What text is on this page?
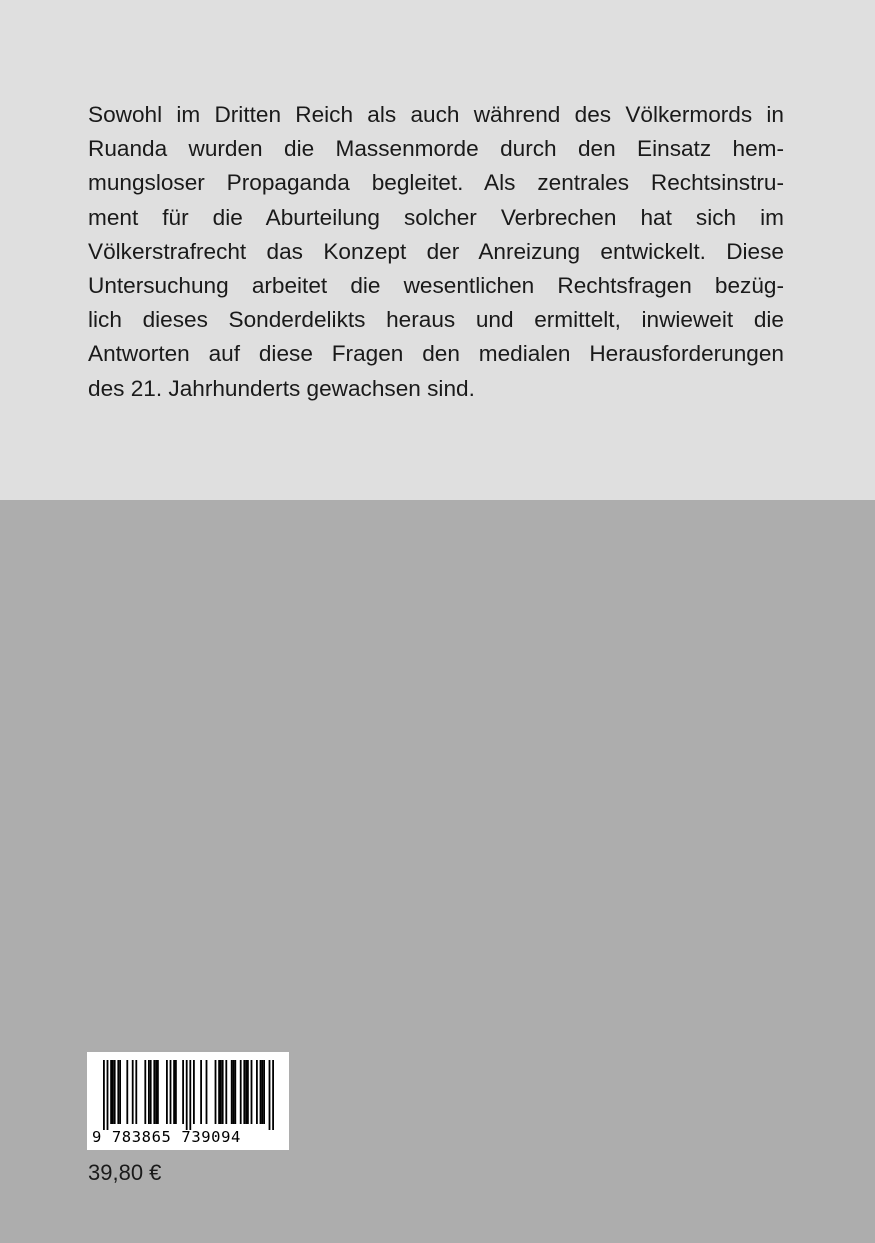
Sowohl im Dritten Reich als auch während des Völkermords in
Ruanda wurden die Massenmorde durch den Einsatz hem-
mungsloser Propaganda begleitet. Als zentrales Rechtsinstru-
ment für die Aburteilung solcher Verbrechen hat sich im
Völkerstrafrecht das Konzept der Anreizung entwickelt. Diese
Untersuchung arbeitet die wesentlichen Rechtsfragen bezüg-
lich dieses Sonderdelikts heraus und ermittelt, inwieweit die
Antworten auf diese Fragen den medialen Herausforderungen
des 21. Jahrhunderts gewachsen sind.

9 783865 739094
39,80 €
